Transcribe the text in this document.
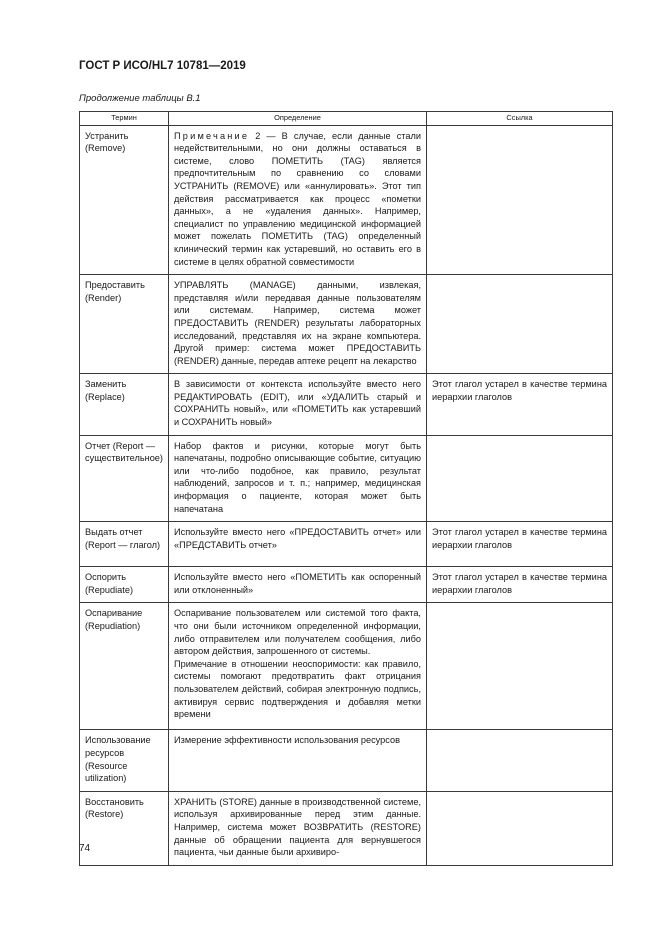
ГОСТ Р ИСО/HL7 10781—2019
Продолжение таблицы В.1
Термин	Определение	Ссылка
Устранить (Remove)	Примечание 2 — В случае, если данные стали недействительными, но они должны оставаться в системе, слово ПОМЕТИТЬ (TAG) является предпочтительным по сравнению со словами УСТРАНИТЬ (REMOVE) или «аннулировать». Этот тип действия рассматривается как процесс «пометки данных», а не «удаления данных». Например, специалист по управлению медицинской информацией может пожелать ПОМЕТИТЬ (TAG) определенный клинический термин как устаревший, но оставить его в системе в целях обратной совместимости	
Предоставить (Render)	УПРАВЛЯТЬ (MANAGE) данными, извлекая, представляя и/или передавая данные пользователям или системам. Например, система может ПРЕДОСТАВИТЬ (RENDER) результаты лабораторных исследований, представляя их на экране компьютера. Другой пример: система может ПРЕДОСТАВИТЬ (RENDER) данные, передав аптеке рецепт на лекарство	
Заменить (Replace)	В зависимости от контекста используйте вместо него РЕДАКТИРОВАТЬ (EDIT), или «УДАЛИТЬ старый и СОХРАНИТЬ новый», или «ПОМЕТИТЬ как устаревший и СОХРАНИТЬ новый»	Этот глагол устарел в качестве термина иерархии глаголов
Отчет (Report — существительное)	Набор фактов и рисунки, которые могут быть напечатаны, подробно описывающие событие, ситуацию или что-либо подобное, как правило, результат наблюдений, запросов и т. п.; например, медицинская информация о пациенте, которая может быть напечатана	
Выдать отчет (Report — глагол)	Используйте вместо него «ПРЕДОСТАВИТЬ отчет» или «ПРЕДСТАВИТЬ отчет»	Этот глагол устарел в качестве термина иерархии глаголов
Оспорить (Repudiate)	Используйте вместо него «ПОМЕТИТЬ как оспоренный или отклоненный»	Этот глагол устарел в качестве термина иерархии глаголов
Оспаривание (Repudiation)	Оспаривание пользователем или системой того факта, что они были источником определенной информации, либо отправителем или получателем сообщения, либо автором действия, запрошенного от системы.
Примечание в отношении неоспоримости: как правило, системы помогают предотвратить факт отрицания пользователем действий, собирая электронную подпись, активируя сервис подтверждения и добавляя метки времени	

Использование ресурсов (Resource utilization)	Измерение эффективности использования ресурсов	
Восстановить (Restore)	ХРАНИТЬ (STORE) данные в производственной системе, используя архивированные перед этим данные. Например, система может ВОЗВРАТИТЬ (RESTORE) данные об обращении пациента для вернувшегося пациента, чьи данные были архивиро-	
74
